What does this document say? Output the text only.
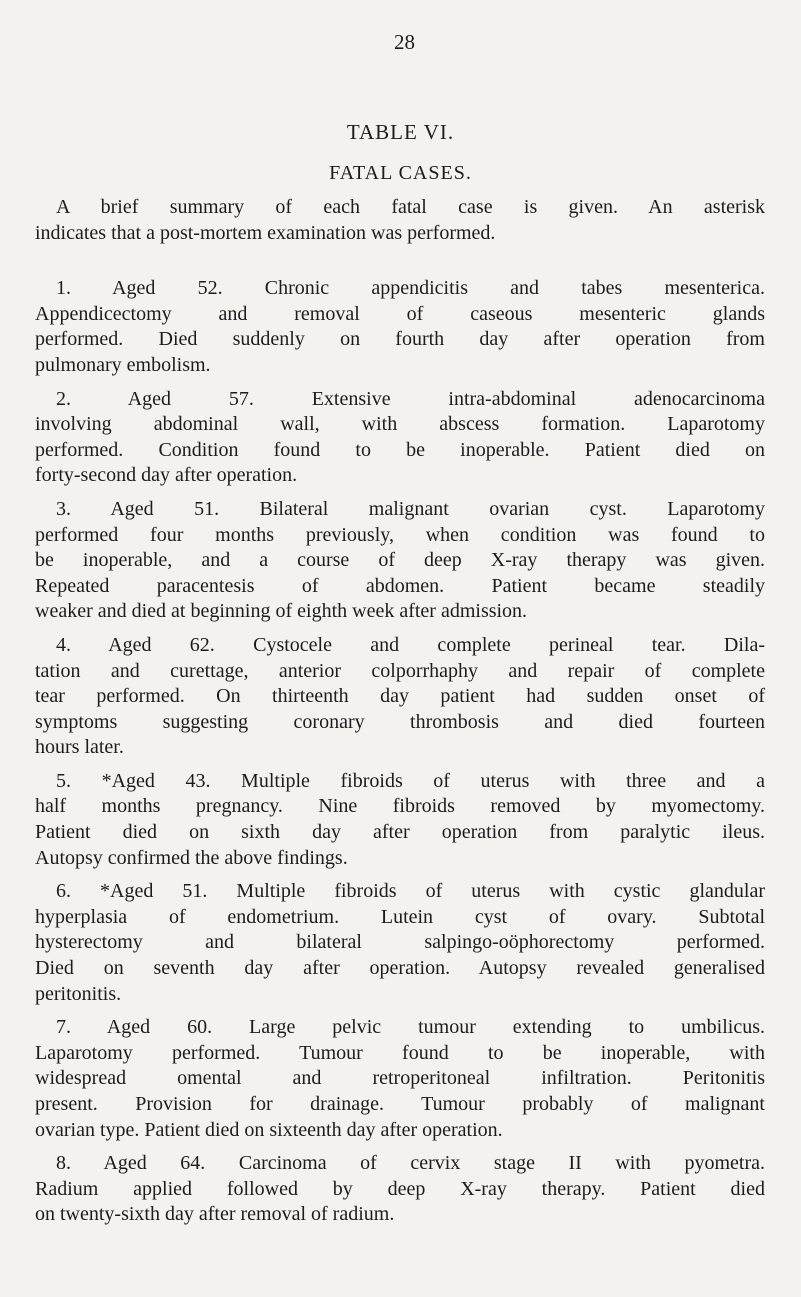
28
TABLE VI.
FATAL CASES.
A brief summary of each fatal case is given. An asterisk
indicates that a post-mortem examination was performed.
1. Aged 52. Chronic appendicitis and tabes mesenterica.
Appendicectomy and removal of caseous mesenteric glands
performed. Died suddenly on fourth day after operation from
pulmonary embolism.
2. Aged 57. Extensive intra-abdominal adenocarcinoma
involving abdominal wall, with abscess formation. Laparotomy
performed. Condition found to be inoperable. Patient died on
forty-second day after operation.
3. Aged 51. Bilateral malignant ovarian cyst. Laparotomy
performed four months previously, when condition was found to
be inoperable, and a course of deep X-ray therapy was given.
Repeated paracentesis of abdomen. Patient became steadily
weaker and died at beginning of eighth week after admission.
4. Aged 62. Cystocele and complete perineal tear. Dila-
tation and curettage, anterior colporrhaphy and repair of complete
tear performed. On thirteenth day patient had sudden onset of
symptoms suggesting coronary thrombosis and died fourteen
hours later.
5. *Aged 43. Multiple fibroids of uterus with three and a
half months pregnancy. Nine fibroids removed by myomectomy.
Patient died on sixth day after operation from paralytic ileus.
Autopsy confirmed the above findings.
6. *Aged 51. Multiple fibroids of uterus with cystic glandular
hyperplasia of endometrium. Lutein cyst of ovary. Subtotal
hysterectomy and bilateral salpingo-oöphorectomy performed.
Died on seventh day after operation. Autopsy revealed generalised
peritonitis.
7. Aged 60. Large pelvic tumour extending to umbilicus.
Laparotomy performed. Tumour found to be inoperable, with
widespread omental and retroperitoneal infiltration. Peritonitis
present. Provision for drainage. Tumour probably of malignant
ovarian type. Patient died on sixteenth day after operation.
8. Aged 64. Carcinoma of cervix stage II with pyometra.
Radium applied followed by deep X-ray therapy. Patient died
on twenty-sixth day after removal of radium.
